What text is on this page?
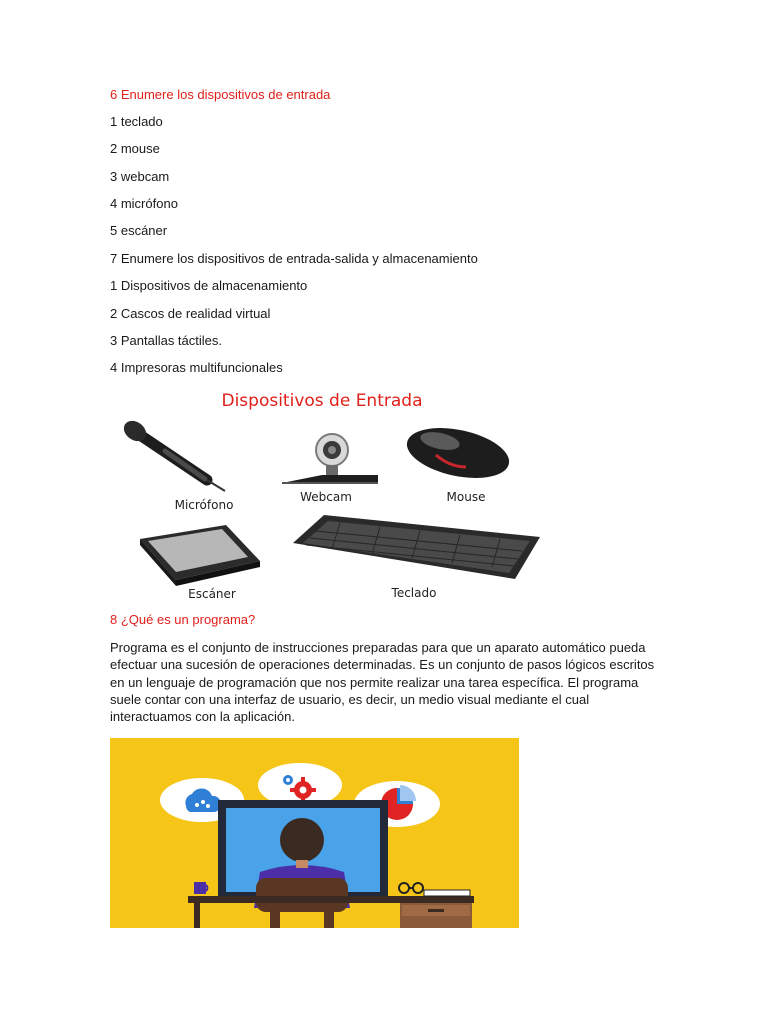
6 Enumere los dispositivos de entrada
1 teclado
2 mouse
3 webcam
4 micrófono
5 escáner
7 Enumere los dispositivos de entrada-salida y almacenamiento
1 Dispositivos de almacenamiento
2 Cascos de realidad virtual
3 Pantallas táctiles.
4 Impresoras multifuncionales
Dispositivos de Entrada
Micrófono
Webcam	Mouse
Escáner	Teclado
8 ¿Qué es un programa?
Programa es el conjunto de instrucciones preparadas para que un aparato automático pueda
efectuar una sucesión de operaciones determinadas. Es un conjunto de pasos lógicos escritos
en un lenguaje de programación que nos permite realizar una tarea específica. El programa
suele contar con una interfaz de usuario, es decir, un medio visual mediante el cual
interactuamos con la aplicación.
